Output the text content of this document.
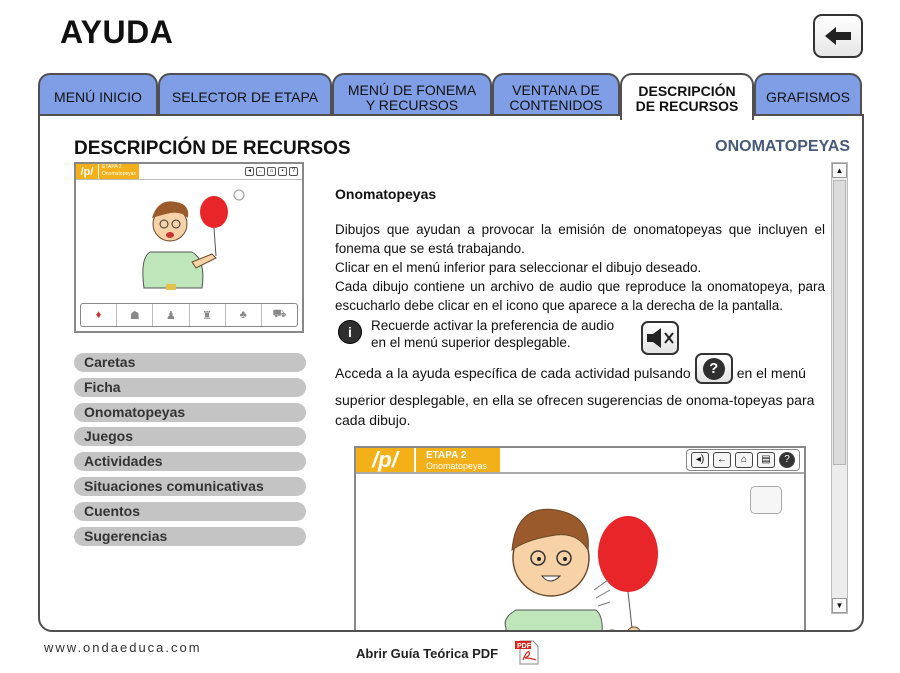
AYUDA
MENÚ INICIO SELECTOR DE ETAPA MENÚ DE FONEMA
Y RECURSOS
VENTANA DE
CONTENIDOS
DESCRIPCIÓN
DE RECURSOS
GRAFISMOS
DESCRIPCIÓN DE RECURSOS	ONOMATOPEYAS
/p/	ETAPA 2
Onomatopeyas	◂	←	⌂	▪	?
♦	☗	♟	♜	♣	⛟
Caretas
Ficha
Onomatopeyas
Juegos
Actividades
Situaciones comunicativas
Cuentos
Sugerencias
Onomatopeyas
Dibujos que ayudan a provocar la emisión de onomatopeyas que incluyen el fonema que se está trabajando.
Clicar en el menú inferior para seleccionar el dibujo deseado.
Cada dibujo contiene un archivo de audio que reproduce la onomatopeya, para escucharlo debe clicar en el icono que aparece a la derecha de la pantalla.
i	Recuerde activar la preferencia de audio
en el menú superior desplegable.
Acceda a la ayuda específica de cada actividad pulsando ? en el menú superior desplegable, en ella se ofrecen sugerencias de onoma-topeyas para cada dibujo.
/p/	ETAPA 2
Onomatopeyas
◂)	←	⌂	▤	?
▲
▼
www.ondaeduca.com	Abrir Guía Teórica PDF	PDF
